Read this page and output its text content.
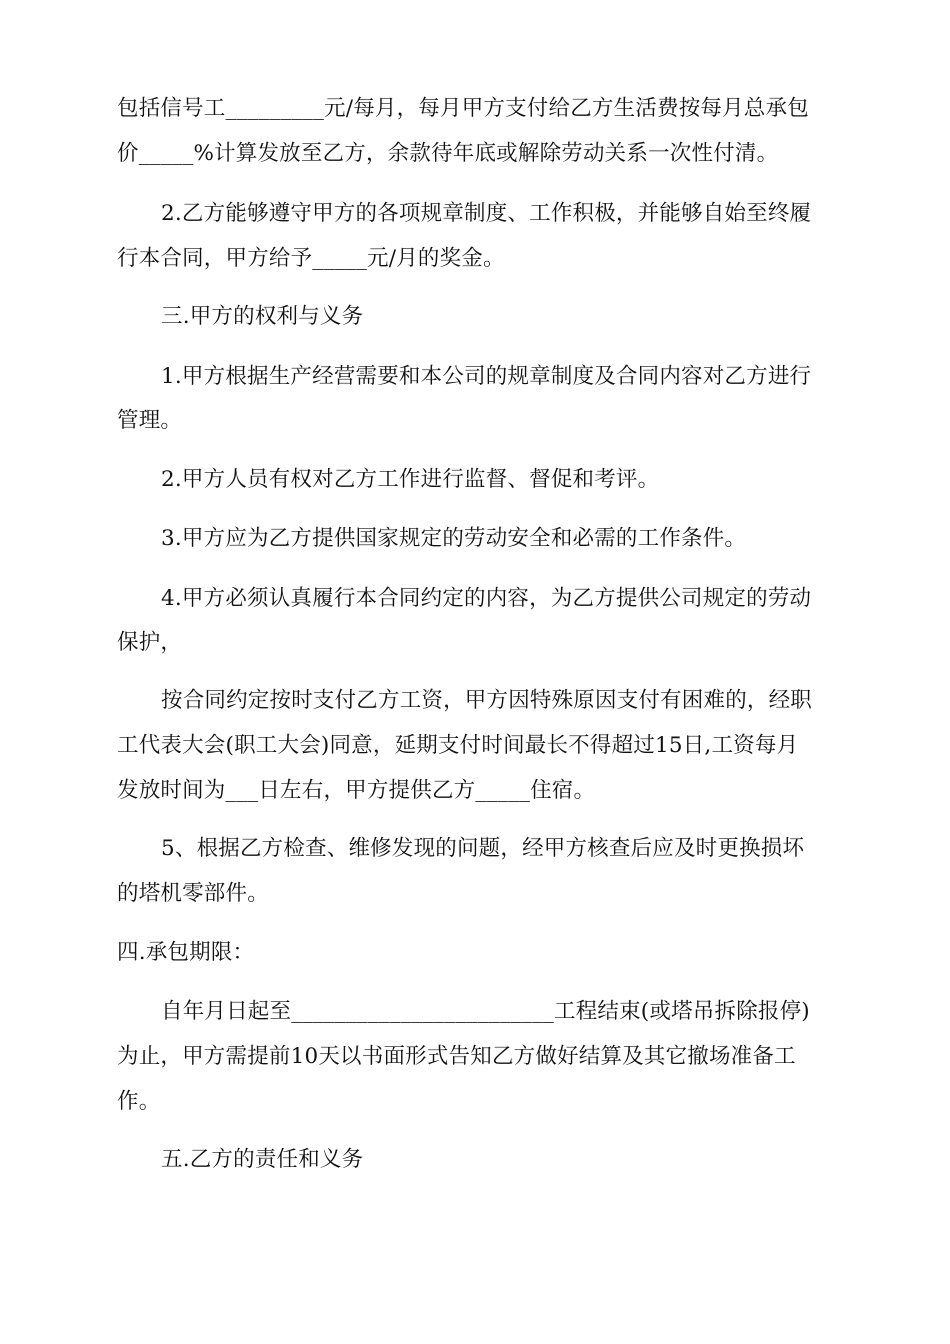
包括信号工_________元/每月，每月甲方支付给乙方生活费按每月总承包
价_____%计算发放至乙方，余款待年底或解除劳动关系一次性付清。
2.乙方能够遵守甲方的各项规章制度、工作积极，并能够自始至终履
行本合同，甲方给予_____元/月的奖金。
三.甲方的权利与义务
1.甲方根据生产经营需要和本公司的规章制度及合同内容对乙方进行
管理。
2.甲方人员有权对乙方工作进行监督、督促和考评。
3.甲方应为乙方提供国家规定的劳动安全和必需的工作条件。
4.甲方必须认真履行本合同约定的内容，为乙方提供公司规定的劳动
保护，
按合同约定按时支付乙方工资，甲方因特殊原因支付有困难的，经职
工代表大会(职工大会)同意，延期支付时间最长不得超过15日,工资每月
发放时间为___日左右，甲方提供乙方_____住宿。
5、根据乙方检查、维修发现的问题，经甲方核查后应及时更换损坏
的塔机零部件。
四.承包期限：
自年月日起至________________________工程结束(或塔吊拆除报停)
为止，甲方需提前10天以书面形式告知乙方做好结算及其它撤场准备工
作。
五.乙方的责任和义务
